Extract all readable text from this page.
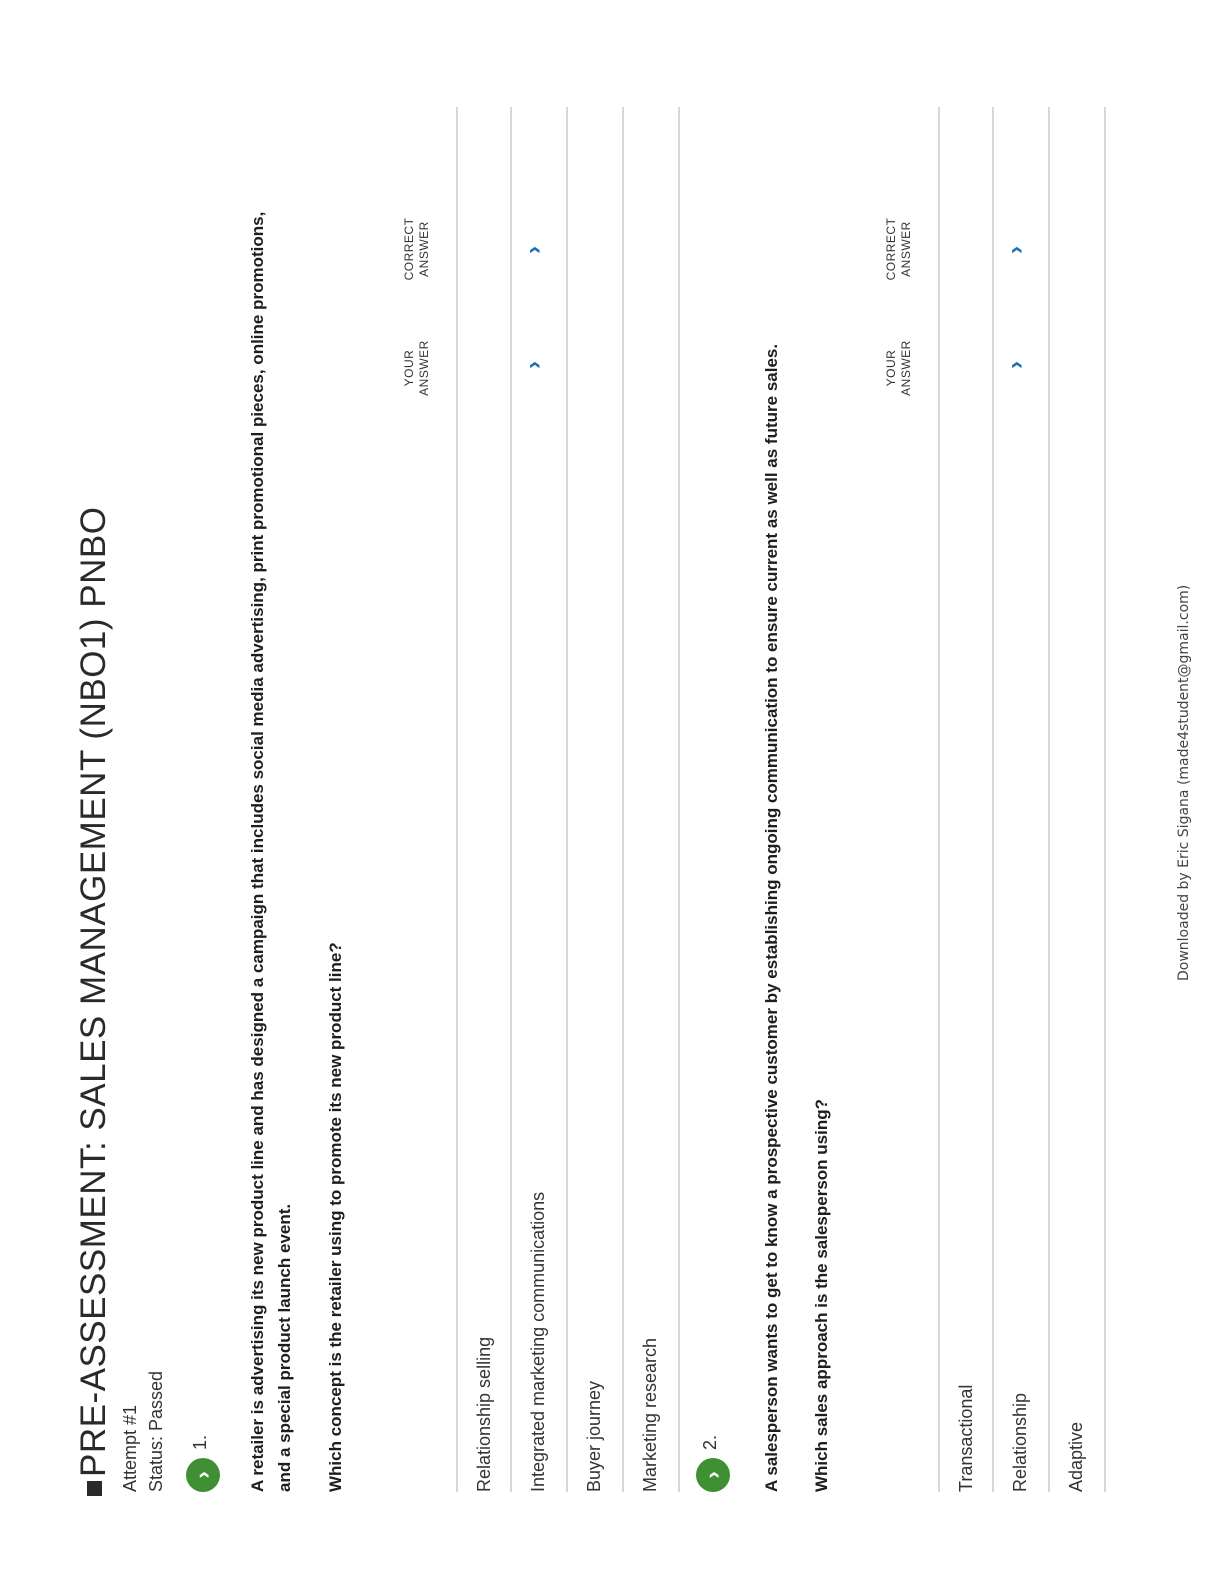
PRE-ASSESSMENT: SALES MANAGEMENT (NBO1) PNBO Attempt #1 Status: Passed ›
1. A retailer is advertising its new product line and has designed a campaign that includes social media advertising, print promotional pieces, online promotions, and a special product launch event. Which concept is the retailer using to promote its new product line?
YOUR ANSWER
CORRECT ANSWER
Relationship selling Integrated marketing communications
›
›
Buyer journey Marketing research ›
2. A salesperson wants to get to know a prospective customer by establishing ongoing communication to ensure current as well as future sales. Which sales approach is the salesperson using?
YOUR ANSWER
CORRECT ANSWER
Transactional Relationship
›
›
Adaptive
Downloaded by Eric Sigana (made4student@gmail.com)
